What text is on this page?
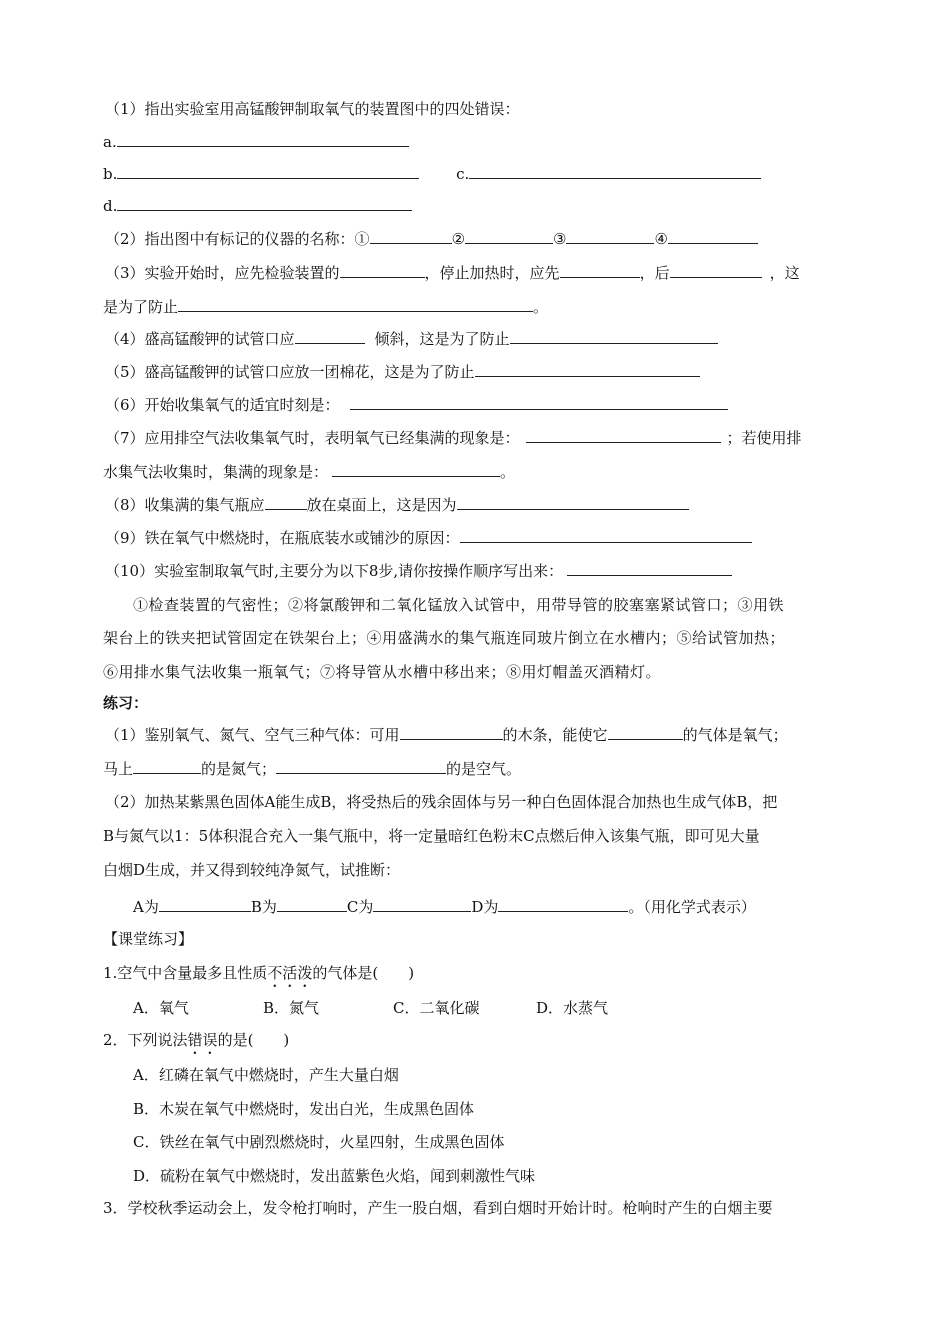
（1）指出实验室用高锰酸钾制取氧气的装置图中的四处错误：
a.
b.	c.
d.
（2）指出图中有标记的仪器的名称：①	②	③	④
（3）实验开始时，应先检验装置的	，停止加热时，应先	，后	，这
是为了防止	。
（4）盛高锰酸钾的试管口应	倾斜，这是为了防止
（5）盛高锰酸钾的试管口应放一团棉花，这是为了防止
（6）开始收集氧气的适宜时刻是：
（7）应用排空气法收集氧气时，表明氧气已经集满的现象是：	；若使用排
水集气法收集时，集满的现象是：	。
（8）收集满的集气瓶应	放在桌面上，这是因为
（9）铁在氧气中燃烧时，在瓶底装水或铺沙的原因：
（10）实验室制取氧气时,主要分为以下8步,请你按操作顺序写出来：
①检查装置的气密性；②将氯酸钾和二氧化锰放入试管中，用带导管的胶塞塞紧试管口；③用铁
架台上的铁夹把试管固定在铁架台上；④用盛满水的集气瓶连同玻片倒立在水槽内；⑤给试管加热；
⑥用排水集气法收集一瓶氧气；⑦将导管从水槽中移出来；⑧用灯帽盖灭酒精灯。
练习：
（1）鉴别氧气、氮气、空气三种气体：可用	的木条，能使它	的气体是氧气；
马上	的是氮气；	的是空气。
（2）加热某紫黑色固体A能生成B，将受热后的残余固体与另一种白色固体混合加热也生成气体B，把
B与氮气以1：5体积混合充入一集气瓶中，将一定量暗红色粉末C点燃后伸入该集气瓶，即可见大量
白烟D生成，并又得到较纯净氮气，试推断：
A为	B为	C为	D为	。（用化学式表示）
【课堂练习】
1.空气中含量最多且性质不活泼的气体是(　　)
A．氧气	B．氮气	C．二氧化碳	D．水蒸气
2．下列说法错误的是(　　)
A．红磷在氧气中燃烧时，产生大量白烟
B．木炭在氧气中燃烧时，发出白光，生成黑色固体
C．铁丝在氧气中剧烈燃烧时，火星四射，生成黑色固体
D．硫粉在氧气中燃烧时，发出蓝紫色火焰，闻到刺激性气味
3．学校秋季运动会上，发令枪打响时，产生一股白烟，看到白烟时开始计时。枪响时产生的白烟主要
